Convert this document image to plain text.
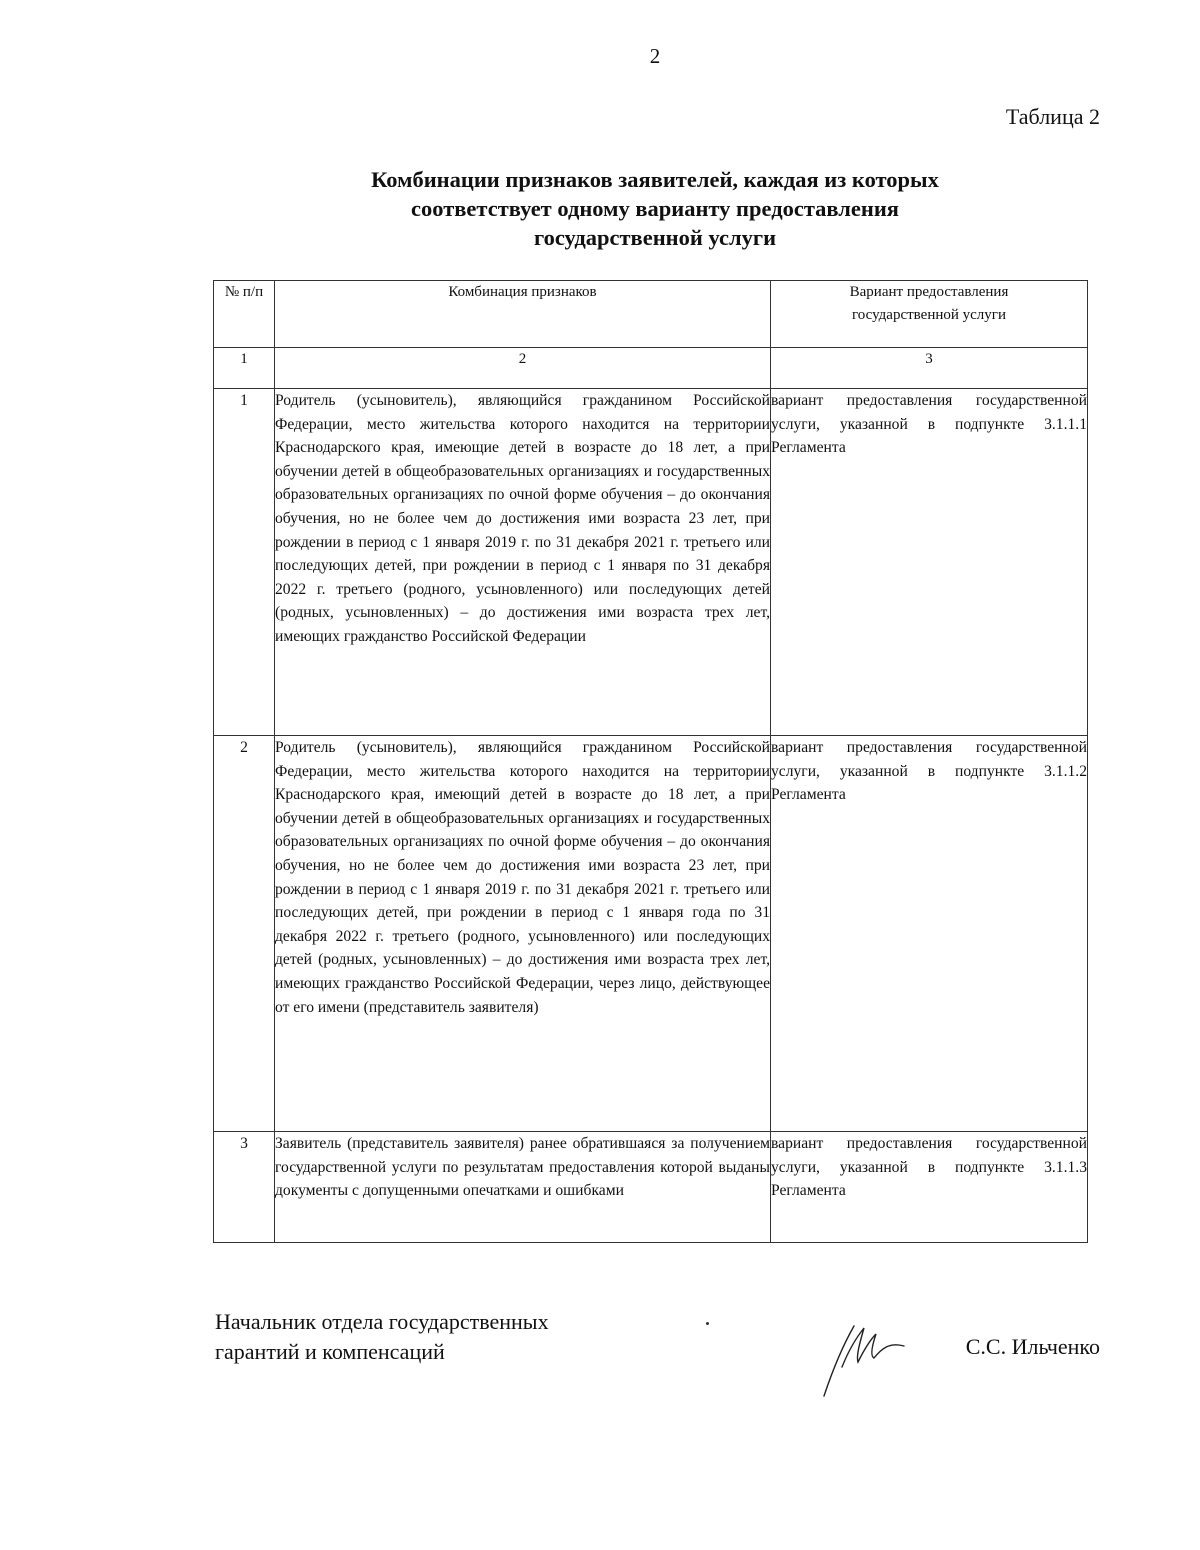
2
Таблица 2
Комбинации признаков заявителей, каждая из которых
соответствует одному варианту предоставления
государственной услуги
№ п/п	Комбинация признаков	Вариант предоставления государственной услуги
1	2	3
1	Родитель (усыновитель), являющийся гражданином Российской Федерации, место жительства которого находится на территории Краснодарского края, имеющие детей в возрасте до 18 лет, а при обучении детей в общеобразовательных организациях и государственных образовательных организациях по очной форме обучения – до окончания обучения, но не более чем до достижения ими возраста 23 лет, при рождении в период с 1 января 2019 г. по 31 декабря 2021 г. третьего или последующих детей, при рождении в период с 1 января по 31 декабря 2022 г. третьего (родного, усыновленного) или последующих детей (родных, усыновленных) – до достижения ими возраста трех лет, имеющих гражданство Российской Федерации	вариант предоставления государственной услуги, указанной в подпункте 3.1.1.1 Регламента
2	Родитель (усыновитель), являющийся гражданином Российской Федерации, место жительства которого находится на территории Краснодарского края, имеющий детей в возрасте до 18 лет, а при обучении детей в общеобразовательных организациях и государственных образовательных организациях по очной форме обучения – до окончания обучения, но не более чем до достижения ими возраста 23 лет, при рождении в период с 1 января 2019 г. по 31 декабря 2021 г. третьего или последующих детей, при рождении в период с 1 января года по 31 декабря 2022 г. третьего (родного, усыновленного) или последующих детей (родных, усыновленных) – до достижения ими возраста трех лет, имеющих гражданство Российской Федерации, через лицо, действующее от его имени (представитель заявителя)	вариант предоставления государственной услуги, указанной в подпункте 3.1.1.2 Регламента
3	Заявитель (представитель заявителя) ранее обратившаяся за получением государственной услуги по результатам предоставления которой выданы документы с допущенными опечатками и ошибками	вариант предоставления государственной услуги, указанной в подпункте 3.1.1.3 Регламента
Начальник отдела государственных
гарантий и компенсаций	С.С. Ильченко
